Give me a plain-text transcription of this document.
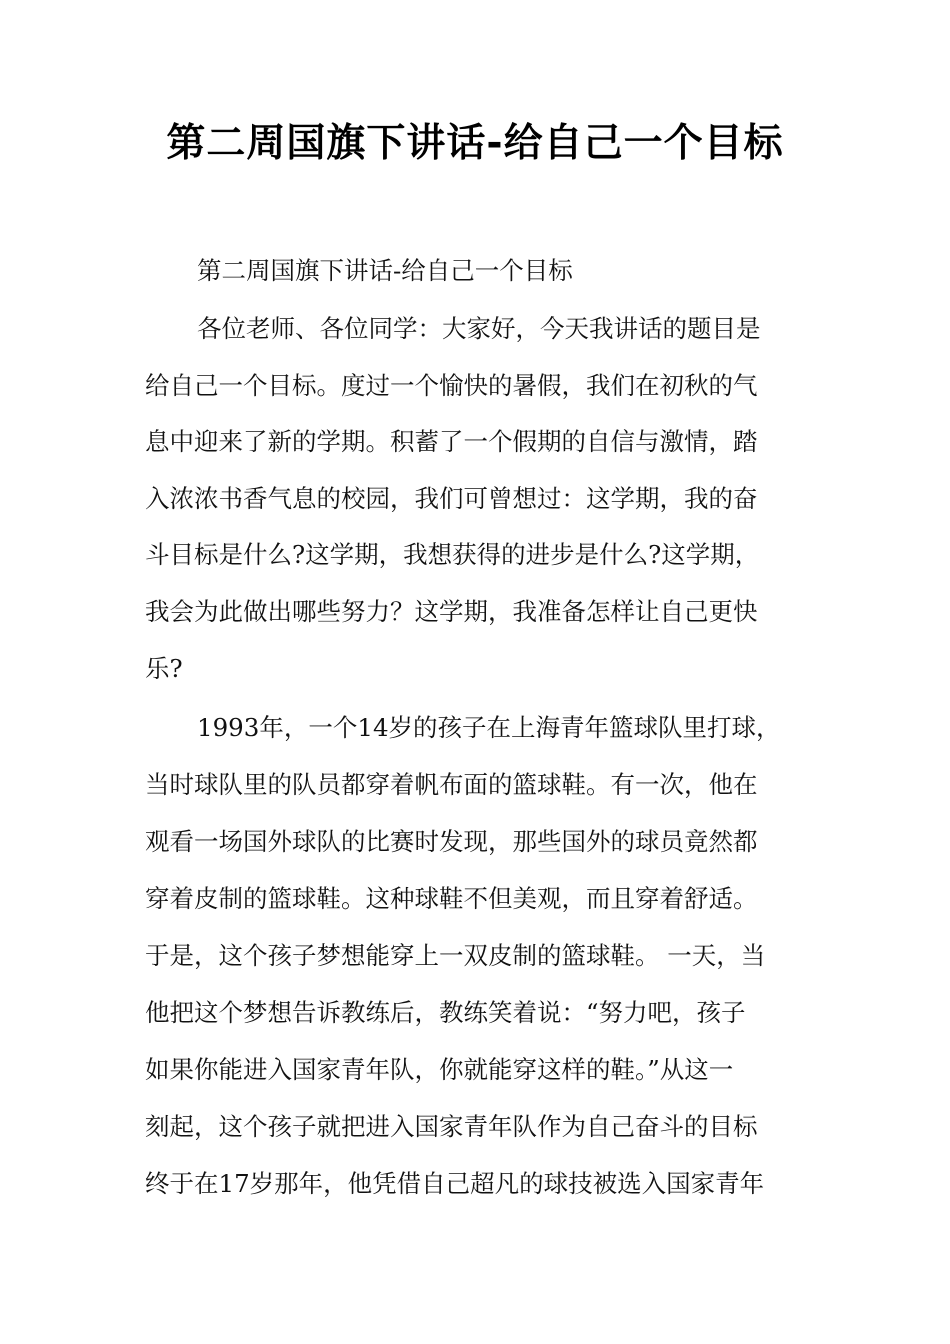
第二周国旗下讲话-给自己一个目标
第二周国旗下讲话-给自己一个目标
各位老师、各位同学：大家好，今天我讲话的题目是
给自己一个目标。度过一个愉快的暑假，我们在初秋的气
息中迎来了新的学期。积蓄了一个假期的自信与激情，踏
入浓浓书香气息的校园，我们可曾想过：这学期，我的奋
斗目标是什么?这学期，我想获得的进步是什么?这学期，
我会为此做出哪些努力？这学期，我准备怎样让自己更快
乐?
1993年，一个14岁的孩子在上海青年篮球队里打球，
当时球队里的队员都穿着帆布面的篮球鞋。有一次，他在
观看一场国外球队的比赛时发现，那些国外的球员竟然都
穿着皮制的篮球鞋。这种球鞋不但美观，而且穿着舒适。
于是，这个孩子梦想能穿上一双皮制的篮球鞋。 一天，当
他把这个梦想告诉教练后，教练笑着说：“努力吧，孩子
如果你能进入国家青年队，你就能穿这样的鞋。”从这一
刻起，这个孩子就把进入国家青年队作为自己奋斗的目标
终于在17岁那年，他凭借自己超凡的球技被选入国家青年
